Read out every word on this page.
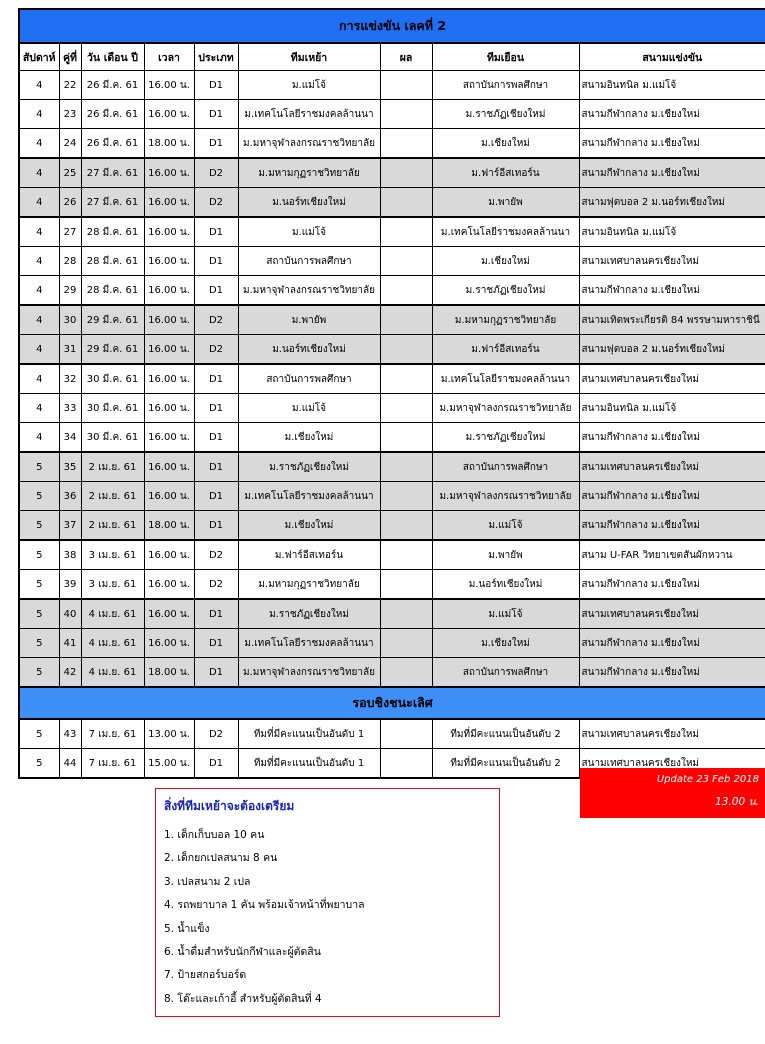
การแข่งขัน เลคที่ 2								
สัปดาห์	คู่ที่	วัน เดือน ปี	เวลา	ประเภท	ทีมเหย้า	ผล	ทีมเยือน	สนามแข่งขัน
4	22	26 มี.ค. 61	16.00 น.	D1	ม.แม่โจ้		สถาบันการพลศึกษา	สนามอินทนิล ม.แม่โจ้
4	23	26 มี.ค. 61	16.00 น.	D1	ม.เทคโนโลยีราชมงคลล้านนา		ม.ราชภัฏเชียงใหม่	สนามกีฬากลาง ม.เชียงใหม่
4	24	26 มี.ค. 61	18.00 น.	D1	ม.มหาจุฬาลงกรณราชวิทยาลัย		ม.เชียงใหม่	สนามกีฬากลาง ม.เชียงใหม่
4	25	27 มี.ค. 61	16.00 น.	D2	ม.มหามกุฏราชวิทยาลัย		ม.ฟาร์อีสเทอร์น	สนามกีฬากลาง ม.เชียงใหม่
4	26	27 มี.ค. 61	16.00 น.	D2	ม.นอร์ทเชียงใหม่		ม.พายัพ	สนามฟุตบอล 2 ม.นอร์ทเชียงใหม่
4	27	28 มี.ค. 61	16.00 น.	D1	ม.แม่โจ้		ม.เทคโนโลยีราชมงคลล้านนา	สนามอินทนิล ม.แม่โจ้
4	28	28 มี.ค. 61	16.00 น.	D1	สถาบันการพลศึกษา		ม.เชียงใหม่	สนามเทศบาลนครเชียงใหม่
4	29	28 มี.ค. 61	16.00 น.	D1	ม.มหาจุฬาลงกรณราชวิทยาลัย		ม.ราชภัฏเชียงใหม่	สนามกีฬากลาง ม.เชียงใหม่
4	30	29 มี.ค. 61	16.00 น.	D2	ม.พายัพ		ม.มหามกุฏราชวิทยาลัย	สนามเทิดพระเกียรติ 84 พรรษามหาราชินี
4	31	29 มี.ค. 61	16.00 น.	D2	ม.นอร์ทเชียงใหม่		ม.ฟาร์อีสเทอร์น	สนามฟุตบอล 2 ม.นอร์ทเชียงใหม่
4	32	30 มี.ค. 61	16.00 น.	D1	สถาบันการพลศึกษา		ม.เทคโนโลยีราชมงคลล้านนา	สนามเทศบาลนครเชียงใหม่
4	33	30 มี.ค. 61	16.00 น.	D1	ม.แม่โจ้		ม.มหาจุฬาลงกรณราชวิทยาลัย	สนามอินทนิล ม.แม่โจ้
4	34	30 มี.ค. 61	16.00 น.	D1	ม.เชียงใหม่		ม.ราชภัฏเชียงใหม่	สนามกีฬากลาง ม.เชียงใหม่
5	35	2 เม.ย. 61	16.00 น.	D1	ม.ราชภัฏเชียงใหม่		สถาบันการพลศึกษา	สนามเทศบาลนครเชียงใหม่
5	36	2 เม.ย. 61	16.00 น.	D1	ม.เทคโนโลยีราชมงคลล้านนา		ม.มหาจุฬาลงกรณราชวิทยาลัย	สนามกีฬากลาง ม.เชียงใหม่
5	37	2 เม.ย. 61	18.00 น.	D1	ม.เชียงใหม่		ม.แม่โจ้	สนามกีฬากลาง ม.เชียงใหม่
5	38	3 เม.ย. 61	16.00 น.	D2	ม.ฟาร์อีสเทอร์น		ม.พายัพ	สนาม U-FAR วิทยาเขตสันผักหวาน
5	39	3 เม.ย. 61	16.00 น.	D2	ม.มหามกุฏราชวิทยาลัย		ม.นอร์ทเชียงใหม่	สนามกีฬากลาง ม.เชียงใหม่
5	40	4 เม.ย. 61	16.00 น.	D1	ม.ราชภัฏเชียงใหม่		ม.แม่โจ้	สนามเทศบาลนครเชียงใหม่
5	41	4 เม.ย. 61	16.00 น.	D1	ม.เทคโนโลยีราชมงคลล้านนา		ม.เชียงใหม่	สนามกีฬากลาง ม.เชียงใหม่
5	42	4 เม.ย. 61	18.00 น.	D1	ม.มหาจุฬาลงกรณราชวิทยาลัย		สถาบันการพลศึกษา	สนามกีฬากลาง ม.เชียงใหม่
รอบชิงชนะเลิศ								
5	43	7 เม.ย. 61	13.00 น.	D2	ทีมที่มีคะแนนเป็นอันดับ 1		ทีมที่มีคะแนนเป็นอันดับ 2	สนามเทศบาลนครเชียงใหม่
5	44	7 เม.ย. 61	15.00 น.	D1	ทีมที่มีคะแนนเป็นอันดับ 1		ทีมที่มีคะแนนเป็นอันดับ 2	สนามเทศบาลนครเชียงใหม่
Update 23 Feb 2018
13.00 น.
สิ่งที่ทีมเหย้าจะต้องเตรียม
1. เด็กเก็บบอล 10 คน
2. เด็กยกเปลสนาม 8 คน
3. เปลสนาม 2 เปล
4. รถพยาบาล 1 คัน พร้อมเจ้าหน้าที่พยาบาล
5. น้ำแข็ง
6. น้ำดื่มสำหรับนักกีฬาและผู้ตัดสิน
7. ป้ายสกอร์บอร์ด
8. โต๊ะและเก้าอี้ สำหรับผู้ตัดสินที่ 4
